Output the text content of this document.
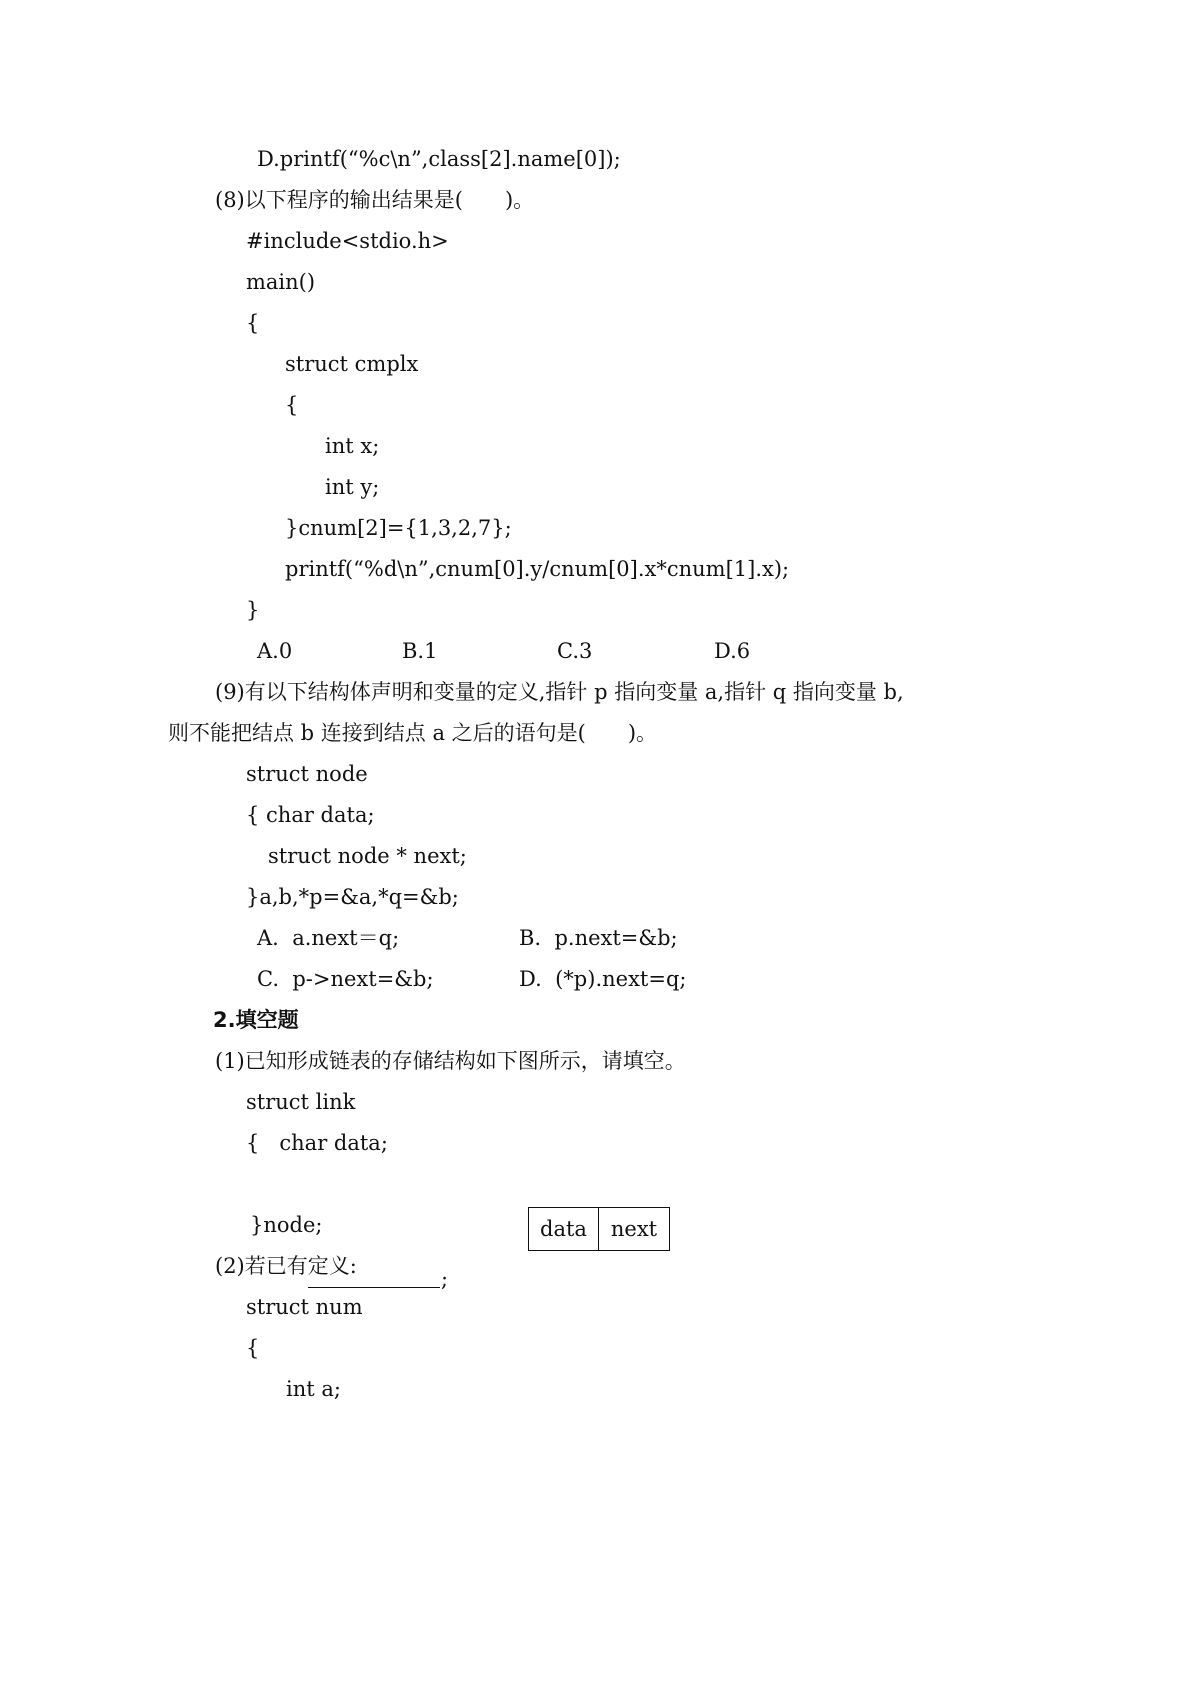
D.printf(“%c\n”,class[2].name[0]);
(8)以下程序的输出结果是(　　)。
#include<stdio.h>
main()
{
struct cmplx
{
int x;
int y;
}cnum[2]={1,3,2,7};
printf(“%d\n”,cnum[0].y/cnum[0].x*cnum[1].x);
}
A.0	B.1	C.3	D.6
(9)有以下结构体声明和变量的定义,指针 p 指向变量 a,指针 q 指向变量 b,
则不能把结点 b 连接到结点 a 之后的语句是(　　)。
struct node
{ char data;
struct node * next;
}a,b,*p=&a,*q=&b;
A.  a.next＝q;	B.  p.next=&b;
C.  p->next=&b;	D.  (*p).next=q;
2.填空题
(1)已知形成链表的存储结构如下图所示，请填空。
struct link
{   char data;
data	next
;
}node;
(2)若已有定义:
struct num
{
int a;
